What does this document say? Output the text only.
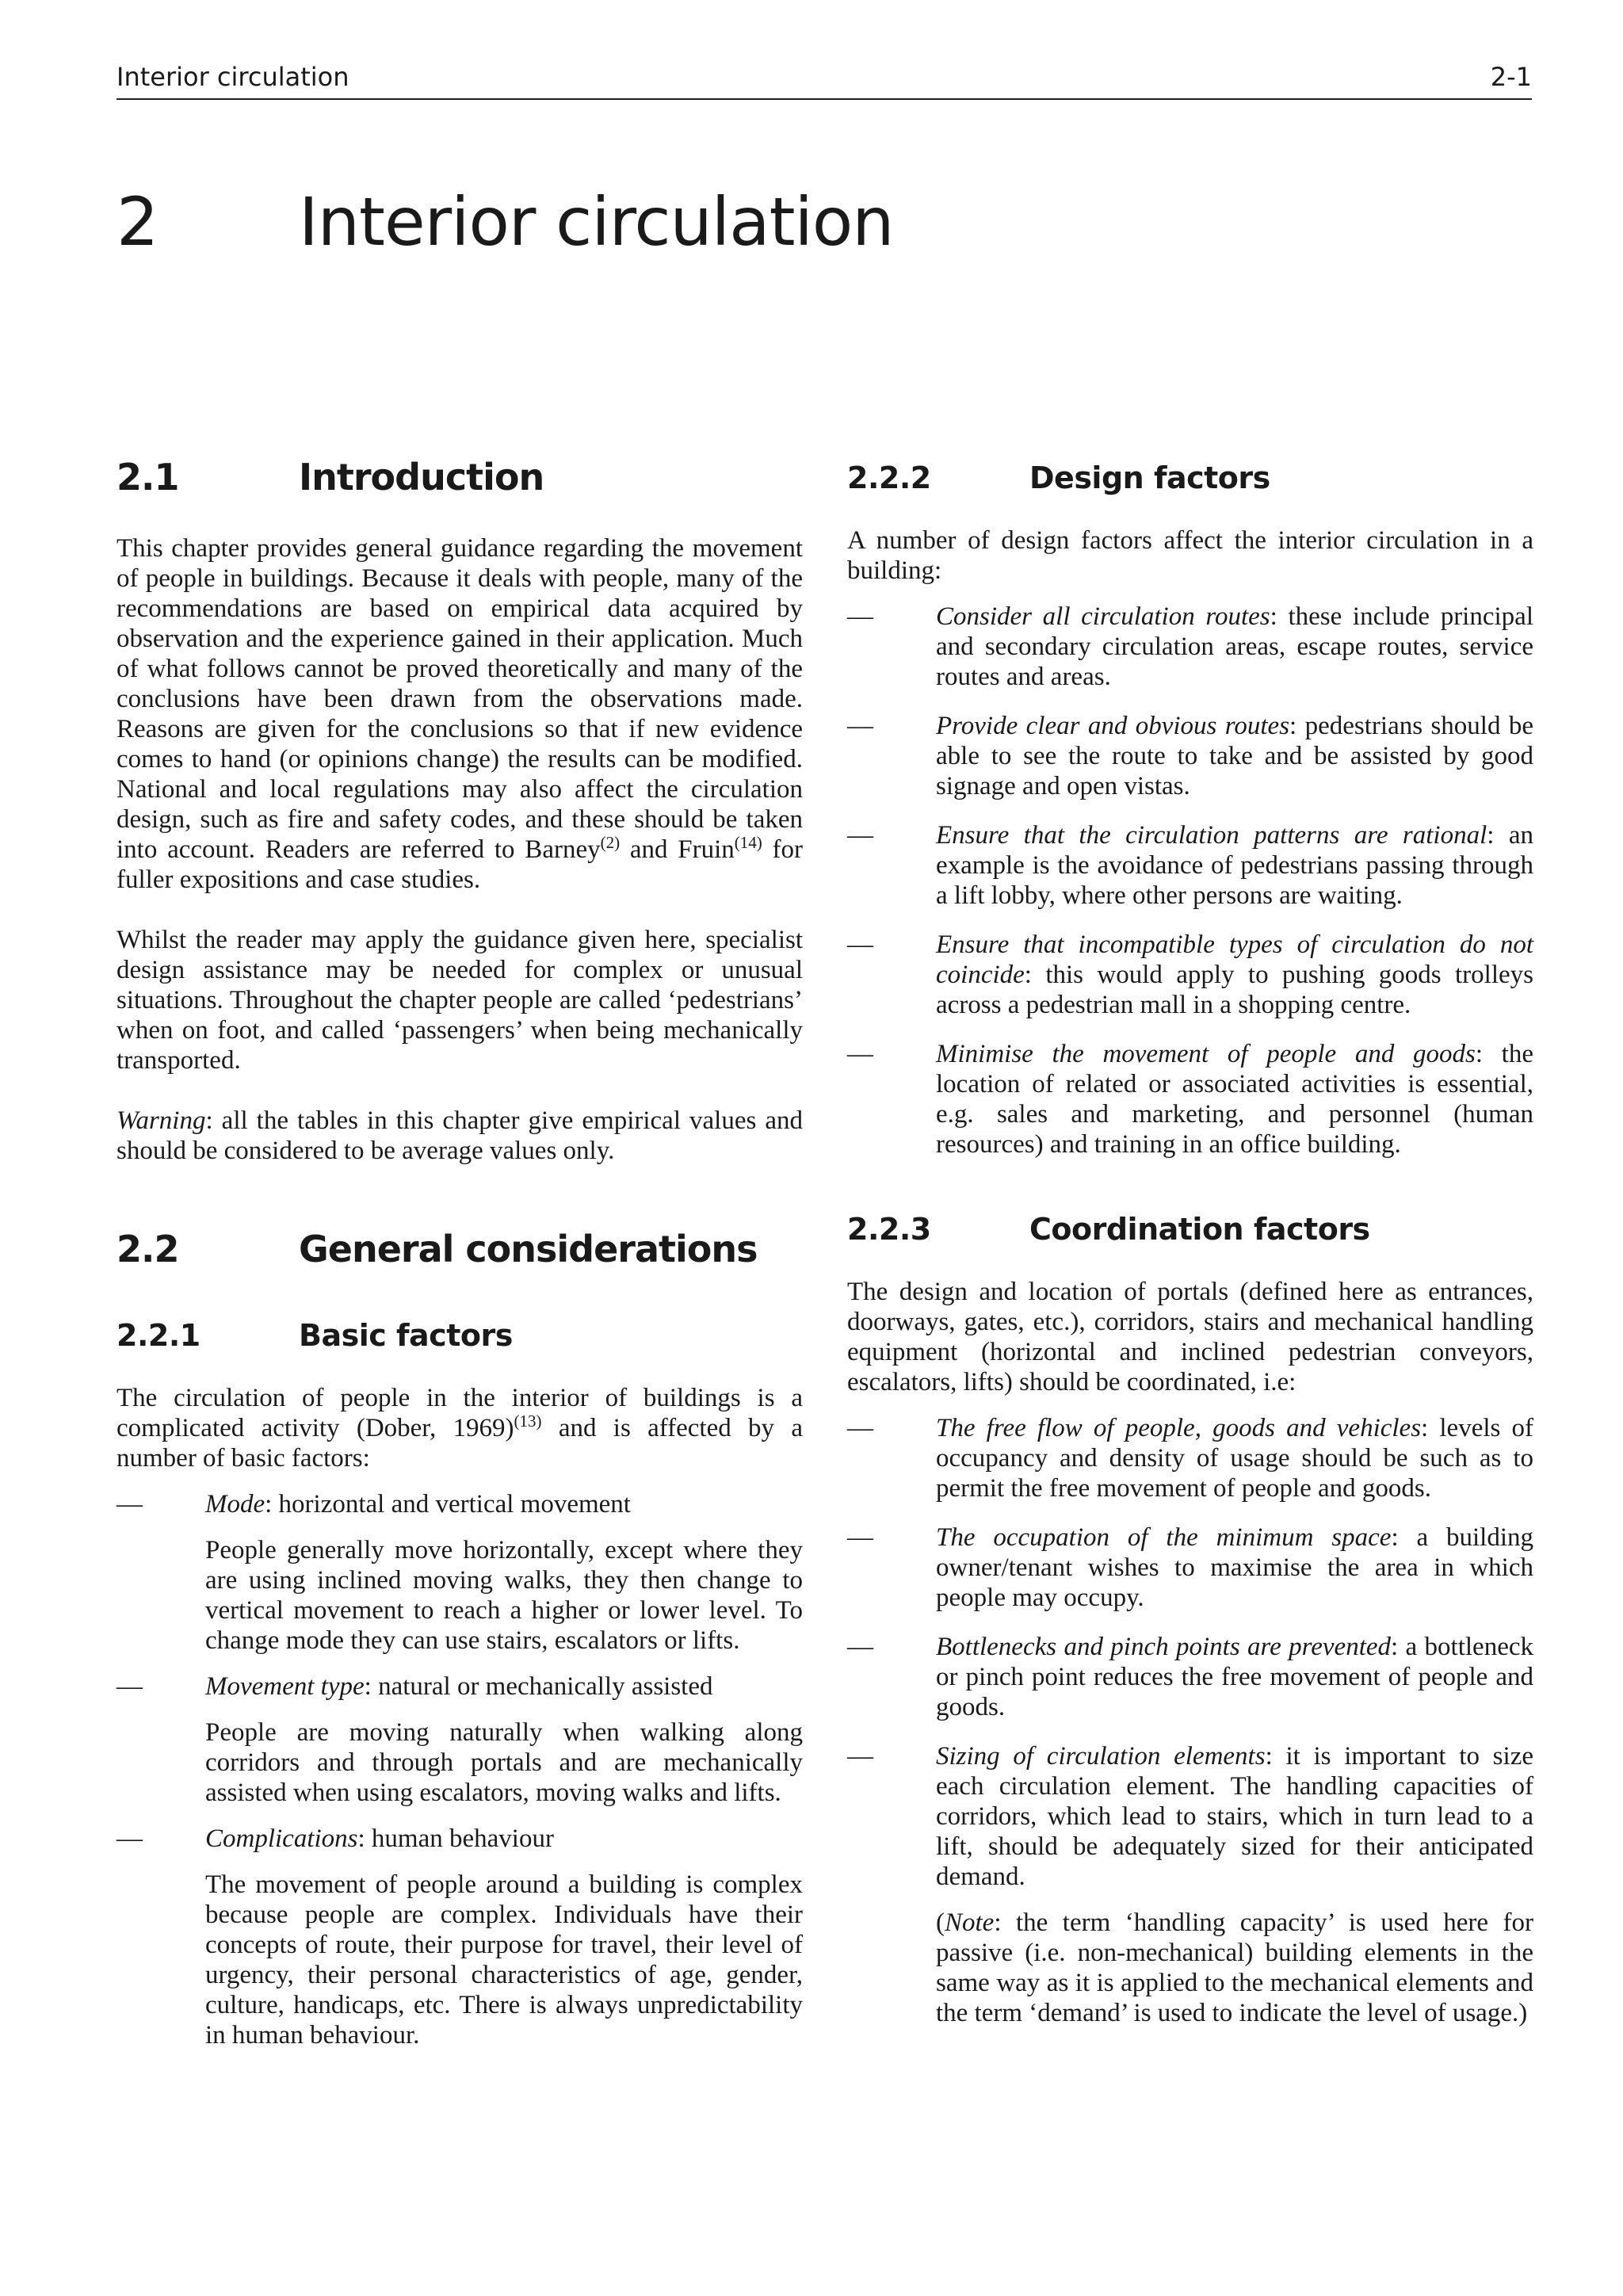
Interior circulation	2-1
2 Interior circulation
2.1	Introduction

This chapter provides general guidance regarding the movement of people in buildings. Because it deals with people, many of the recommendations are based on empirical data acquired by observation and the experience gained in their application. Much of what follows cannot be proved theoretically and many of the conclusions have been drawn from the observations made. Reasons are given for the conclusions so that if new evidence comes to hand (or opinions change) the results can be modified. National and local regulations may also affect the circulation design, such as fire and safety codes, and these should be taken into account. Readers are referred to Barney$^{(2)}$ and Fruin$^{(14)}$ for fuller expositions and case studies.

Whilst the reader may apply the guidance given here, specialist design assistance may be needed for complex or unusual situations. Throughout the chapter people are called ‘pedestrians’ when on foot, and called ‘passengers’ when being mechanically transported.

Warning: all the tables in this chapter give empirical values and should be considered to be average values only.

2.2	General considerations
2.2.1	Basic factors

The circulation of people in the interior of buildings is a complicated activity (Dober, 1969)$^{(13)}$ and is affected by a number of basic factors:

— Mode: horizontal and vertical movement

People generally move horizontally, except where they are using inclined moving walks, they then change to vertical movement to reach a higher or lower level. To change mode they can use stairs, escalators or lifts.

— Movement type: natural or mechanically assisted

People are moving naturally when walking along corridors and through portals and are mechanically assisted when using escalators, moving walks and lifts.

— Complications: human behaviour

The movement of people around a building is complex because people are complex. Individuals have their concepts of route, their purpose for travel, their level of urgency, their personal characteristics of age, gender, culture, handicaps, etc. There is always unpredictability in human behaviour.

2.2.2	Design factors

A number of design factors affect the interior circulation in a building:

— Consider all circulation routes: these include principal and secondary circulation areas, escape routes, service routes and areas.

— Provide clear and obvious routes: pedestrians should be able to see the route to take and be assisted by good signage and open vistas.

— Ensure that the circulation patterns are rational: an example is the avoidance of pedestrians passing through a lift lobby, where other persons are waiting.

— Ensure that incompatible types of circulation do not coincide: this would apply to pushing goods trolleys across a pedestrian mall in a shopping centre.

— Minimise the movement of people and goods: the location of related or associated activities is essential, e.g. sales and marketing, and personnel (human resources) and training in an office building.

2.2.3	Coordination factors

The design and location of portals (defined here as entrances, doorways, gates, etc.), corridors, stairs and mechanical handling equipment (horizontal and inclined pedestrian conveyors, escalators, lifts) should be coordinated, i.e:

— The free flow of people, goods and vehicles: levels of occupancy and density of usage should be such as to permit the free movement of people and goods.

— The occupation of the minimum space: a building owner/tenant wishes to maximise the area in which people may occupy.

— Bottlenecks and pinch points are prevented: a bottleneck or pinch point reduces the free movement of people and goods.

— Sizing of circulation elements: it is important to size each circulation element. The handling capacities of corridors, which lead to stairs, which in turn lead to a lift, should be adequately sized for their anticipated demand.

(Note: the term ‘handling capacity’ is used here for passive (i.e. non-mechanical) building elements in the same way as it is applied to the mechanical elements and the term ‘demand’ is used to indicate the level of usage.)
